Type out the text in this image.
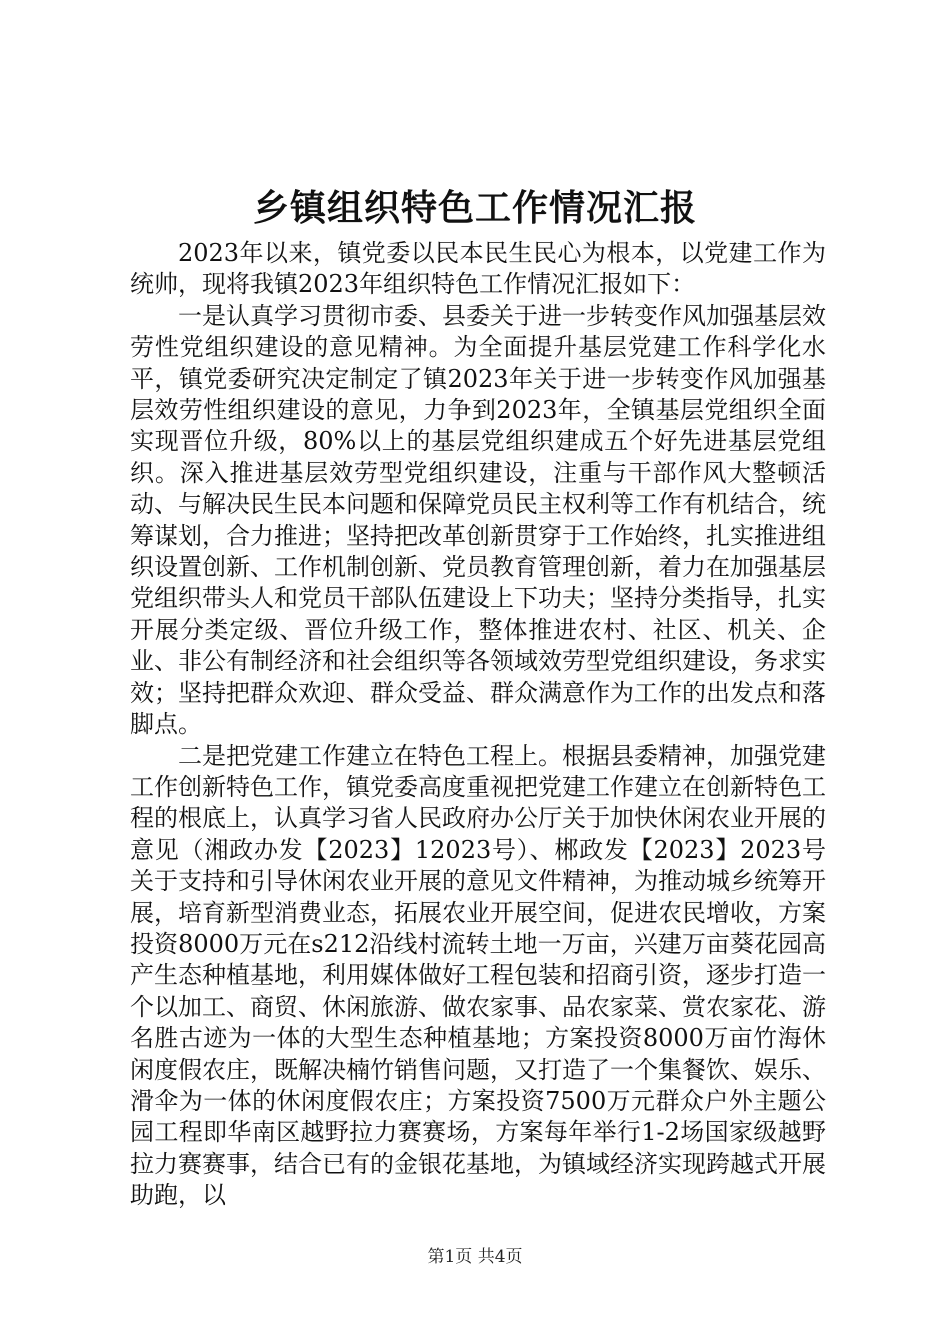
乡镇组织特色工作情况汇报

2023年以来，镇党委以民本民生民心为根本，以党建工作为统帅，现将我镇2023年组织特色工作情况汇报如下：

一是认真学习贯彻市委、县委关于进一步转变作风加强基层效劳性党组织建设的意见精神。为全面提升基层党建工作科学化水平，镇党委研究决定制定了镇2023年关于进一步转变作风加强基层效劳性组织建设的意见，力争到2023年，全镇基层党组织全面实现晋位升级，80%以上的基层党组织建成五个好先进基层党组织。深入推进基层效劳型党组织建设，注重与干部作风大整顿活动、与解决民生民本问题和保障党员民主权利等工作有机结合，统筹谋划，合力推进；坚持把改革创新贯穿于工作始终，扎实推进组织设置创新、工作机制创新、党员教育管理创新，着力在加强基层党组织带头人和党员干部队伍建设上下功夫；坚持分类指导，扎实开展分类定级、晋位升级工作，整体推进农村、社区、机关、企业、非公有制经济和社会组织等各领域效劳型党组织建设，务求实效；坚持把群众欢迎、群众受益、群众满意作为工作的出发点和落脚点。

二是把党建工作建立在特色工程上。根据县委精神，加强党建工作创新特色工作，镇党委高度重视把党建工作建立在创新特色工程的根底上，认真学习省人民政府办公厅关于加快休闲农业开展的意见（湘政办发【2023】12023号）、郴政发【2023】2023号关于支持和引导休闲农业开展的意见文件精神，为推动城乡统筹开展，培育新型消费业态，拓展农业开展空间，促进农民增收，方案投资8000万元在s212沿线村流转土地一万亩，兴建万亩葵花园高产生态种植基地，利用媒体做好工程包装和招商引资，逐步打造一个以加工、商贸、休闲旅游、做农家事、品农家菜、赏农家花、游名胜古迹为一体的大型生态种植基地；方案投资8000万亩竹海休闲度假农庄，既解决楠竹销售问题，又打造了一个集餐饮、娱乐、滑伞为一体的休闲度假农庄；方案投资7500万元群众户外主题公园工程即华南区越野拉力赛赛场，方案每年举行1-2场国家级越野拉力赛赛事，结合已有的金银花基地，为镇域经济实现跨越式开展助跑，以

第1页 共4页
